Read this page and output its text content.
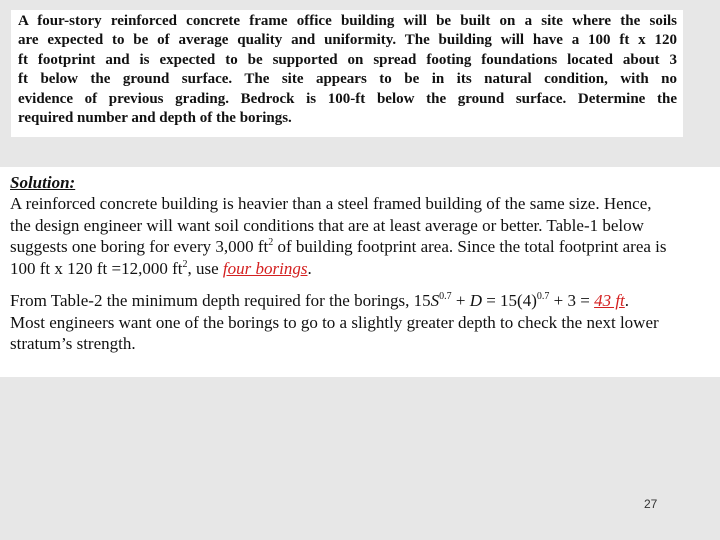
A four-story reinforced concrete frame office building will be built on a site where the soils
are expected to be of average quality and uniformity. The building will have a 100 ft x 120
ft footprint and is expected to be supported on spread footing foundations located about 3
ft below the ground surface. The site appears to be in its natural condition, with no
evidence of previous grading. Bedrock is 100-ft below the ground surface. Determine the
required number and depth of the borings.
Solution:
A reinforced concrete building is heavier than a steel framed building of the same size. Hence,
the design engineer will want soil conditions that are at least average or better. Table-1 below
suggests one boring for every 3,000 $ft^2$ of building footprint area. Since the total footprint area is
100 ft x 120 ft =12,000 $ft^2$, use four borings.
From Table-2 the minimum depth required for the borings, $15S^{0.7} + D = 15(4)^{0.7} + 3 = 43$ ft.
Most engineers want one of the borings to go to a slightly greater depth to check the next lower
stratum’s strength.
27
